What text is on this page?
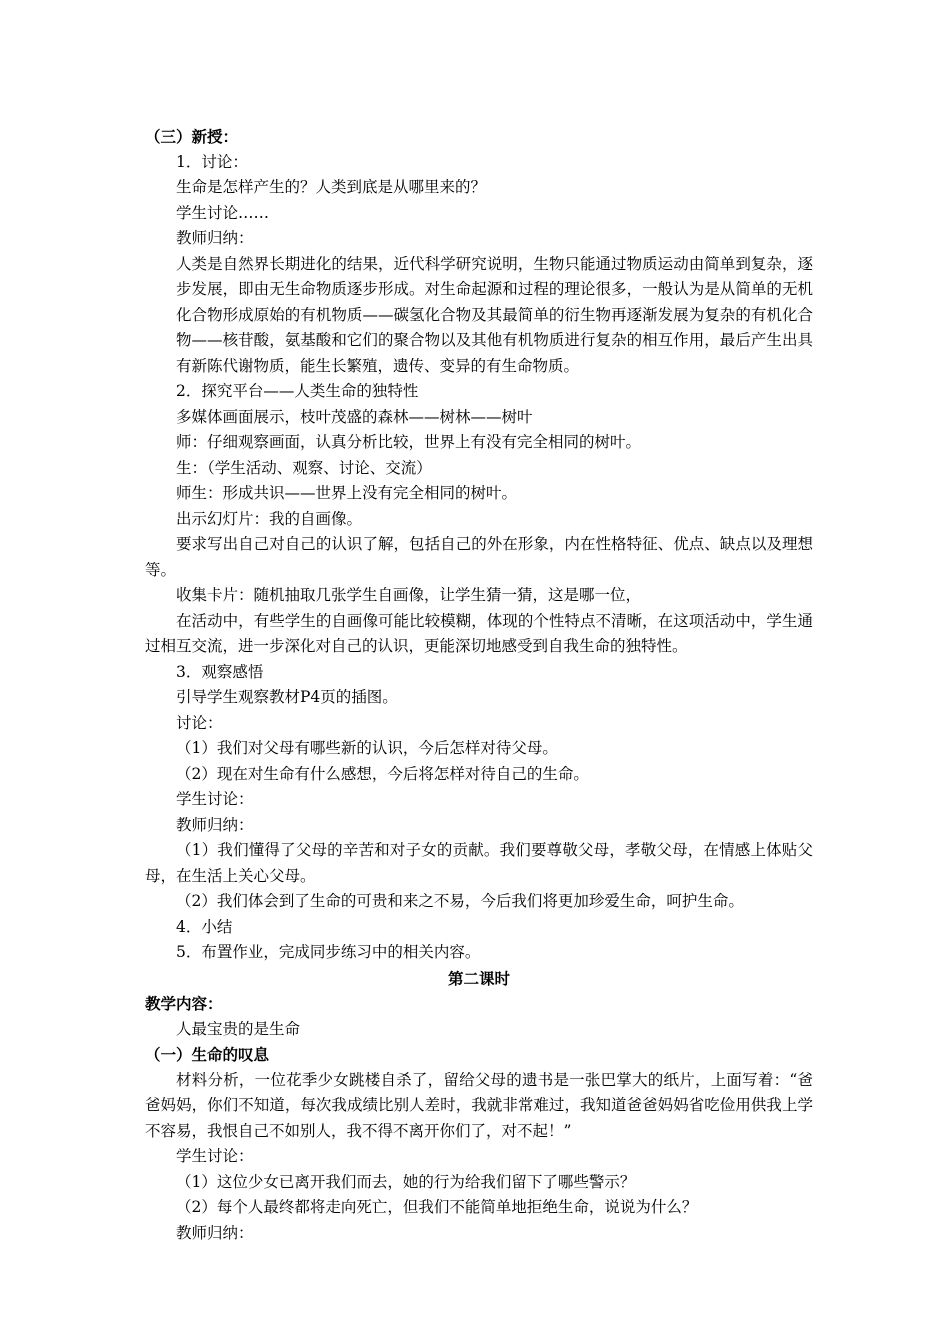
（三）新授：
1．讨论：
生命是怎样产生的？人类到底是从哪里来的？
学生讨论……
教师归纳：
人类是自然界长期进化的结果，近代科学研究说明，生物只能通过物质运动由简单到复杂，逐步发展，即由无生命物质逐步形成。对生命起源和过程的理论很多，一般认为是从简单的无机化合物形成原始的有机物质——碳氢化合物及其最简单的衍生物再逐渐发展为复杂的有机化合物——核苷酸，氨基酸和它们的聚合物以及其他有机物质进行复杂的相互作用，最后产生出具有新陈代谢物质，能生长繁殖，遗传、变异的有生命物质。
2．探究平台——人类生命的独特性
多媒体画面展示，枝叶茂盛的森林——树林——树叶
师：仔细观察画面，认真分析比较，世界上有没有完全相同的树叶。
生：（学生活动、观察、讨论、交流）
师生：形成共识——世界上没有完全相同的树叶。
出示幻灯片：我的自画像。
要求写出自己对自己的认识了解，包括自己的外在形象，内在性格特征、优点、缺点以及理想等。
收集卡片：随机抽取几张学生自画像，让学生猜一猜，这是哪一位，
在活动中，有些学生的自画像可能比较模糊，体现的个性特点不清晰，在这项活动中，学生通过相互交流，进一步深化对自己的认识，更能深切地感受到自我生命的独特性。
3．观察感悟
引导学生观察教材P4页的插图。
讨论：
（1）我们对父母有哪些新的认识，今后怎样对待父母。
（2）现在对生命有什么感想，今后将怎样对待自己的生命。
学生讨论：
教师归纳：
（1）我们懂得了父母的辛苦和对子女的贡献。我们要尊敬父母，孝敬父母，在情感上体贴父母，在生活上关心父母。
（2）我们体会到了生命的可贵和来之不易，今后我们将更加珍爱生命，呵护生命。
4．小结
5．布置作业，完成同步练习中的相关内容。
第二课时
教学内容：
人最宝贵的是生命
（一）生命的叹息
材料分析，一位花季少女跳楼自杀了，留给父母的遗书是一张巴掌大的纸片，上面写着：“爸爸妈妈，你们不知道，每次我成绩比别人差时，我就非常难过，我知道爸爸妈妈省吃俭用供我上学不容易，我恨自己不如别人，我不得不离开你们了，对不起！”
学生讨论：
（1）这位少女已离开我们而去，她的行为给我们留下了哪些警示？
（2）每个人最终都将走向死亡，但我们不能简单地拒绝生命，说说为什么？
教师归纳：
